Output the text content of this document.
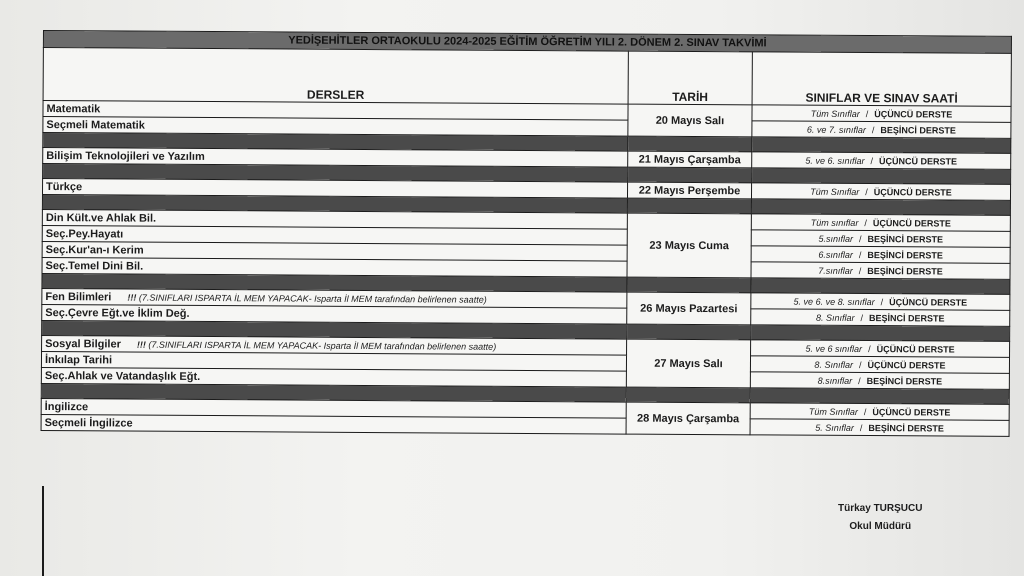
YEDİŞEHİTLER ORTAOKULU 2024-2025 EĞİTİM ÖĞRETİM YILI 2. DÖNEM 2. SINAV TAKVİMİ		
DERSLER	TARİH	SINIFLAR VE SINAV SAATİ
Matematik	20 Mayıs Salı	Tüm Sınıflar / ÜÇÜNCÜ DERSTE
Seçmeli Matematik		6. ve 7. sınıflar / BEŞİNCİ DERSTE

Bilişim Teknolojileri ve Yazılım	21 Mayıs Çarşamba	5. ve 6. sınıflar / ÜÇÜNCÜ DERSTE

Türkçe	22 Mayıs Perşembe	Tüm Sınıflar / ÜÇÜNCÜ DERSTE

Din Kült.ve Ahlak Bil.	23 Mayıs Cuma	Tüm sınıflar / ÜÇÜNCÜ DERSTE
Seç.Pey.Hayatı		5.sınıflar / BEŞİNCİ DERSTE
Seç.Kur'an-ı Kerim		6.sınıflar / BEŞİNCİ DERSTE
Seç.Temel Dini Bil.		7.sınıflar / BEŞİNCİ DERSTE

Fen Bilimleri !!! (7.SINIFLARI ISPARTA İL MEM YAPACAK- Isparta İl MEM tarafından belirlenen saatte)	26 Mayıs Pazartesi	5. ve 6. ve 8. sınıflar / ÜÇÜNCÜ DERSTE
Seç.Çevre Eğt.ve İklim Değ.		8. Sınıflar / BEŞİNCİ DERSTE

Sosyal Bilgiler !!! (7.SINIFLARI ISPARTA İL MEM YAPACAK- Isparta İl MEM tarafından belirlenen saatte)	27 Mayıs Salı	5. ve 6 sınıflar / ÜÇÜNCÜ DERSTE
İnkılap Tarihi		8. Sınıflar / ÜÇÜNCÜ DERSTE
Seç.Ahlak ve Vatandaşlık Eğt.		8.sınıflar / BEŞİNCİ DERSTE

İngilizce	28 Mayıs Çarşamba	Tüm Sınıflar / ÜÇÜNCÜ DERSTE
Seçmeli İngilizce		5. Sınıflar / BEŞİNCİ DERSTE
Türkay TURŞUCU
Okul Müdürü
